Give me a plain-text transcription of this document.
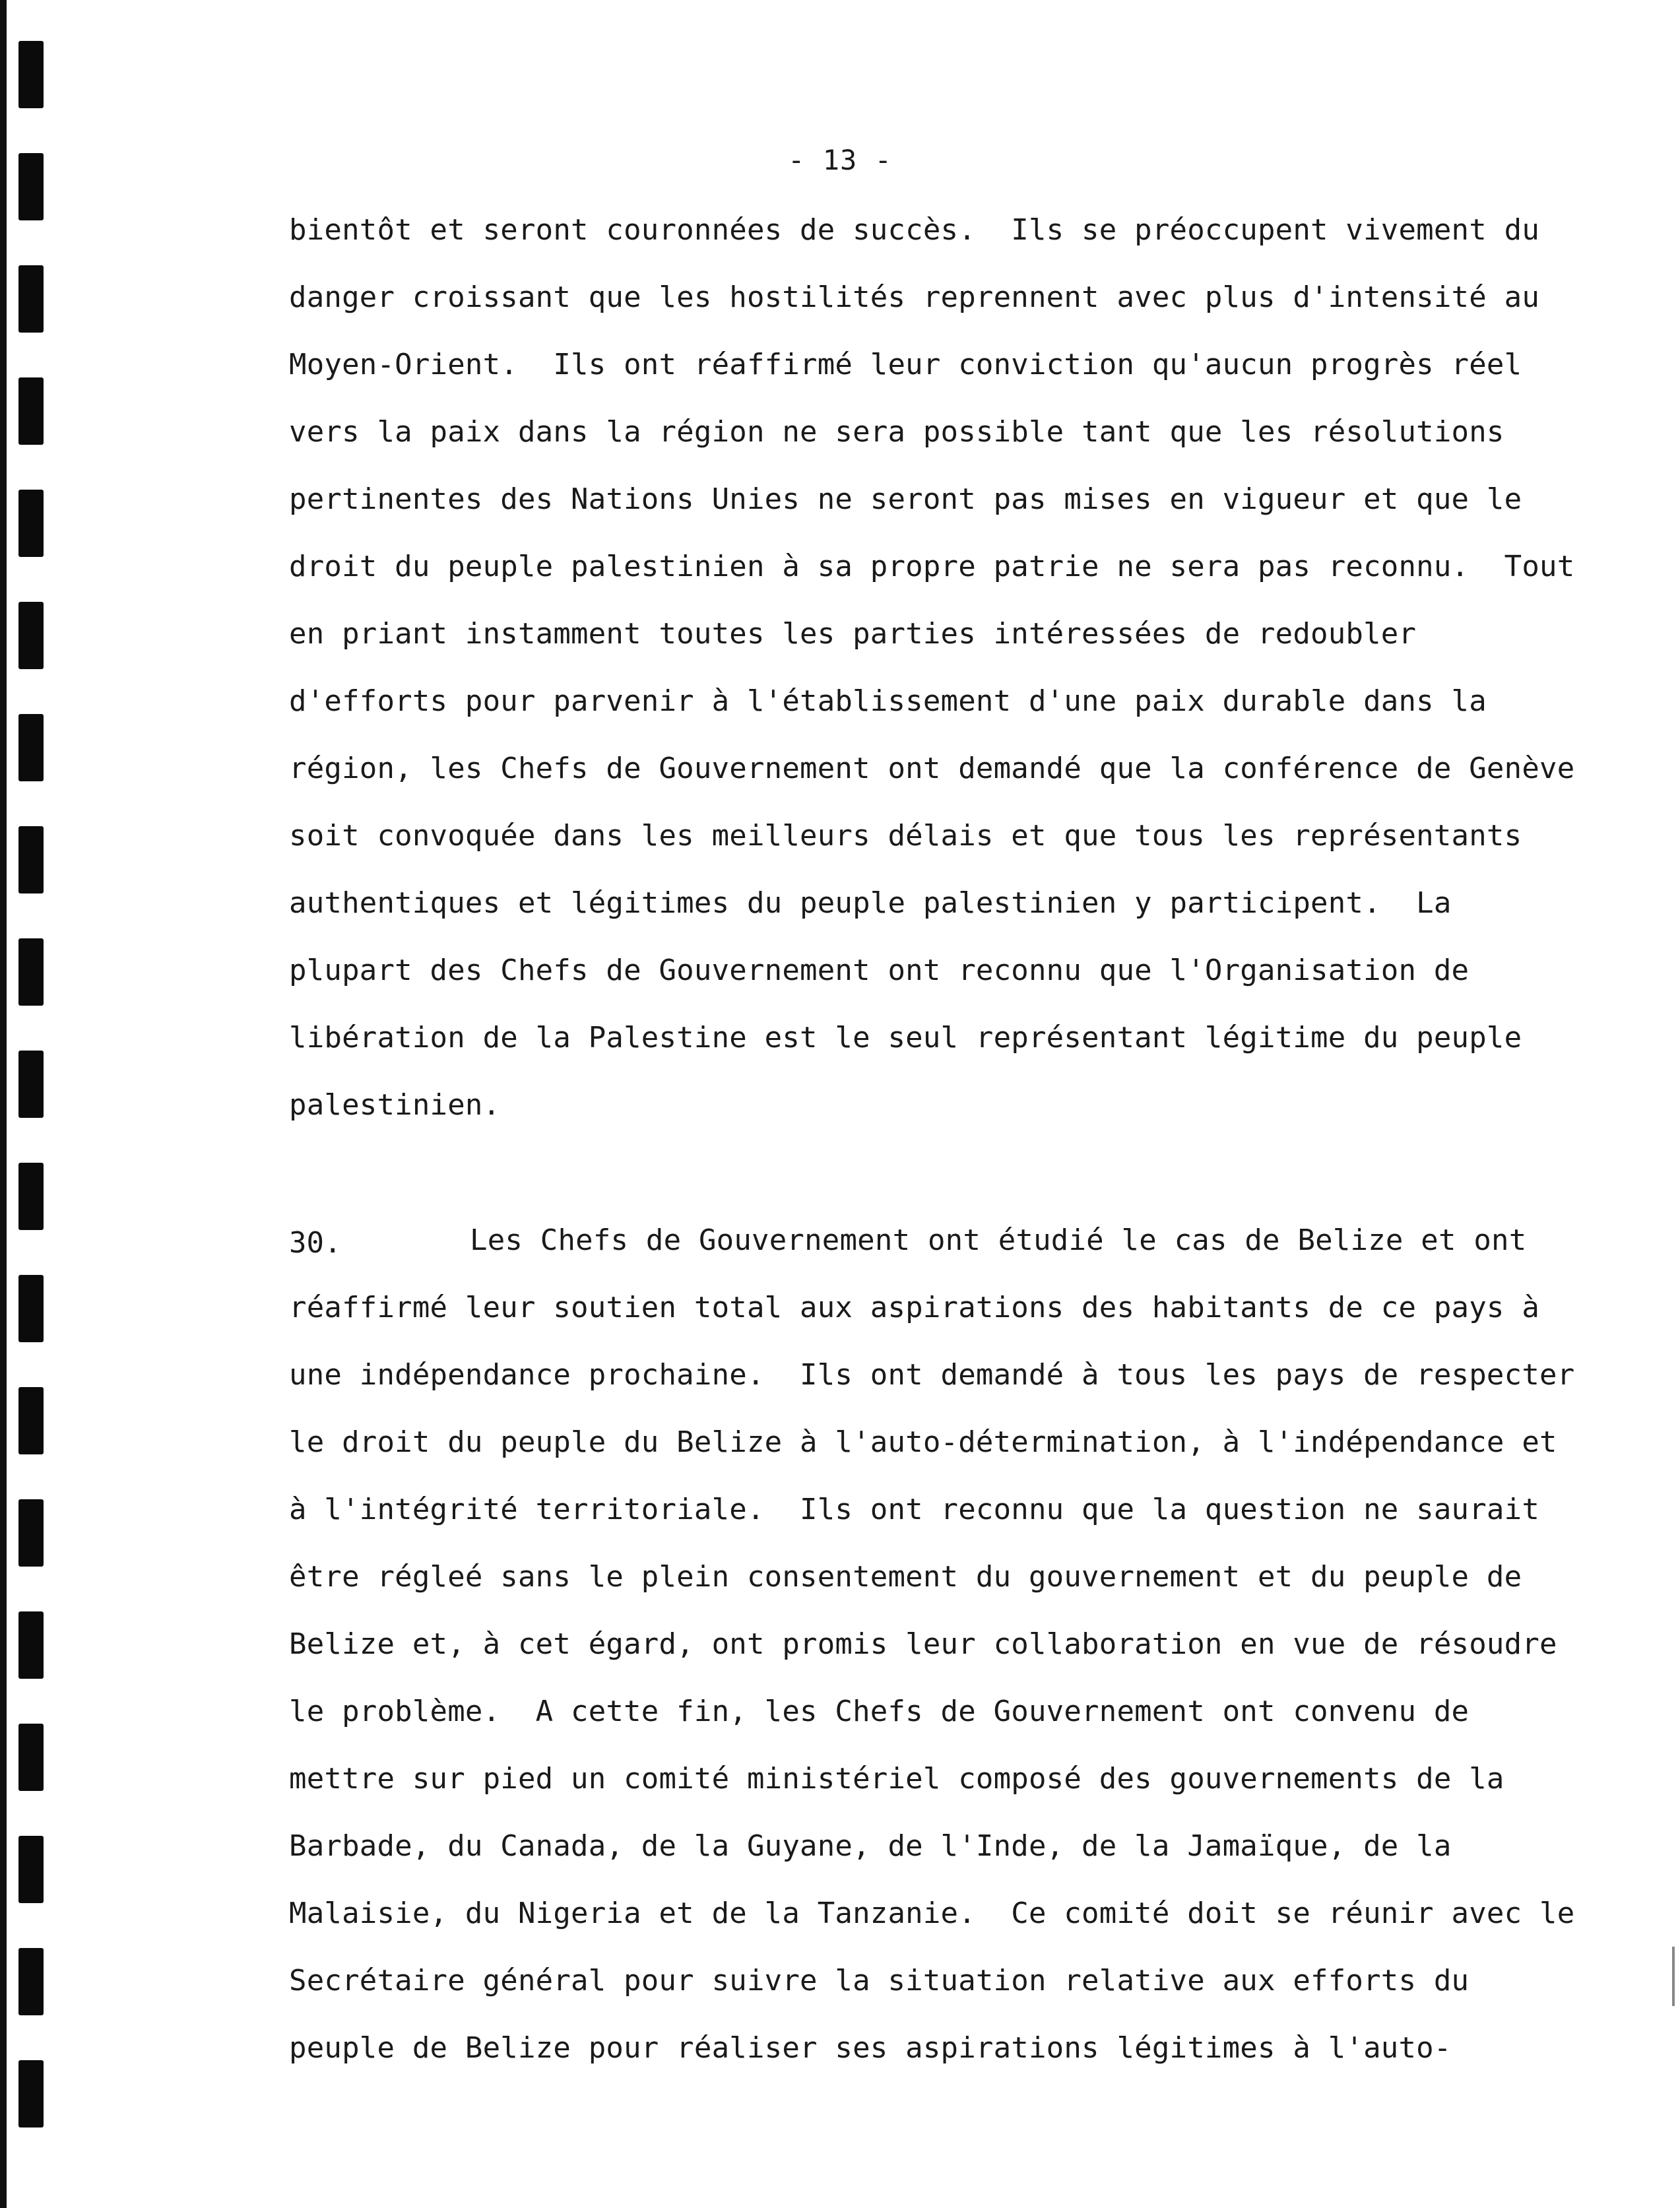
- 13 -
bientôt et seront couronnées de succès.  Ils se préoccupent vivement du
danger croissant que les hostilités reprennent avec plus d'intensité au
Moyen-Orient.  Ils ont réaffirmé leur conviction qu'aucun progrès réel
vers la paix dans la région ne sera possible tant que les résolutions
pertinentes des Nations Unies ne seront pas mises en vigueur et que le
droit du peuple palestinien à sa propre patrie ne sera pas reconnu.  Tout
en priant instamment toutes les parties intéressées de redoubler
d'efforts pour parvenir à l'établissement d'une paix durable dans la
région, les Chefs de Gouvernement ont demandé que la conférence de Genève
soit convoquée dans les meilleurs délais et que tous les représentants
authentiques et légitimes du peuple palestinien y participent.  La
plupart des Chefs de Gouvernement ont reconnu que l'Organisation de
libération de la Palestine est le seul représentant légitime du peuple
palestinien.
30.	Les Chefs de Gouvernement ont étudié le cas de Belize et ont
réaffirmé leur soutien total aux aspirations des habitants de ce pays à
une indépendance prochaine.  Ils ont demandé à tous les pays de respecter
le droit du peuple du Belize à l'auto-détermination, à l'indépendance et
à l'intégrité territoriale.  Ils ont reconnu que la question ne saurait
être régleé sans le plein consentement du gouvernement et du peuple de
Belize et, à cet égard, ont promis leur collaboration en vue de résoudre
le problème.  A cette fin, les Chefs de Gouvernement ont convenu de
mettre sur pied un comité ministériel composé des gouvernements de la
Barbade, du Canada, de la Guyane, de l'Inde, de la Jamaïque, de la
Malaisie, du Nigeria et de la Tanzanie.  Ce comité doit se réunir avec le
Secrétaire général pour suivre la situation relative aux efforts du
peuple de Belize pour réaliser ses aspirations légitimes à l'auto-
